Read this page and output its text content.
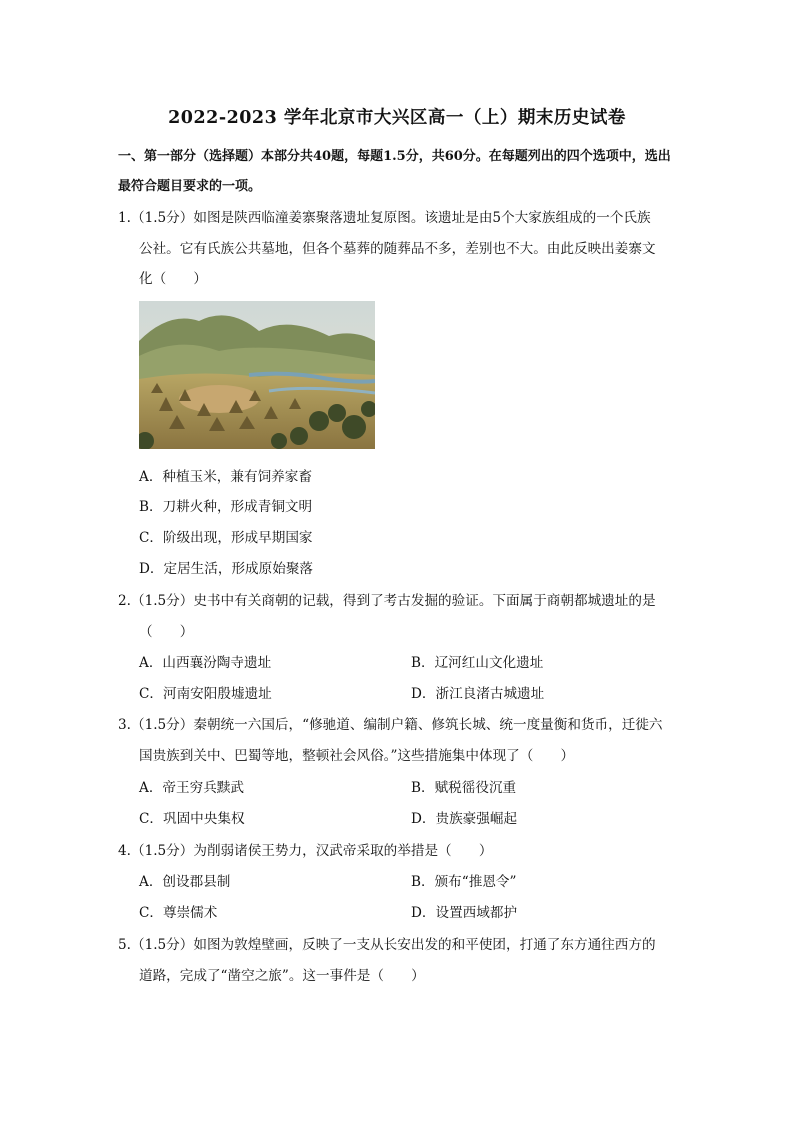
2022-2023 学年北京市大兴区高一（上）期末历史试卷
一、第一部分（选择题）本部分共40题，每题1.5分，共60分。在每题列出的四个选项中，选出最符合题目要求的一项。
1.（1.5分）如图是陕西临潼姜寨聚落遗址复原图。该遗址是由5个大家族组成的一个氏族
公社。它有氏族公共墓地，但各个墓葬的随葬品不多，差别也不大。由此反映出姜寨文
化（　　）
A．种植玉米，兼有饲养家畜
B．刀耕火种，形成青铜文明
C．阶级出现，形成早期国家
D．定居生活，形成原始聚落
2.（1.5分）史书中有关商朝的记载，得到了考古发掘的验证。下面属于商朝都城遗址的是
（　　）
A．山西襄汾陶寺遗址	B．辽河红山文化遗址
C．河南安阳殷墟遗址	D．浙江良渚古城遗址
3.（1.5分）秦朝统一六国后，“修驰道、编制户籍、修筑长城、统一度量衡和货币，迁徙六
国贵族到关中、巴蜀等地，整顿社会风俗。”这些措施集中体现了（　　）
A．帝王穷兵黩武	B．赋税徭役沉重
C．巩固中央集权	D．贵族豪强崛起
4.（1.5分）为削弱诸侯王势力，汉武帝采取的举措是（　　）
A．创设郡县制	B．颁布“推恩令”
C．尊崇儒术	D．设置西域都护
5.（1.5分）如图为敦煌壁画，反映了一支从长安出发的和平使团，打通了东方通往西方的
道路，完成了“凿空之旅”。这一事件是（　　）
